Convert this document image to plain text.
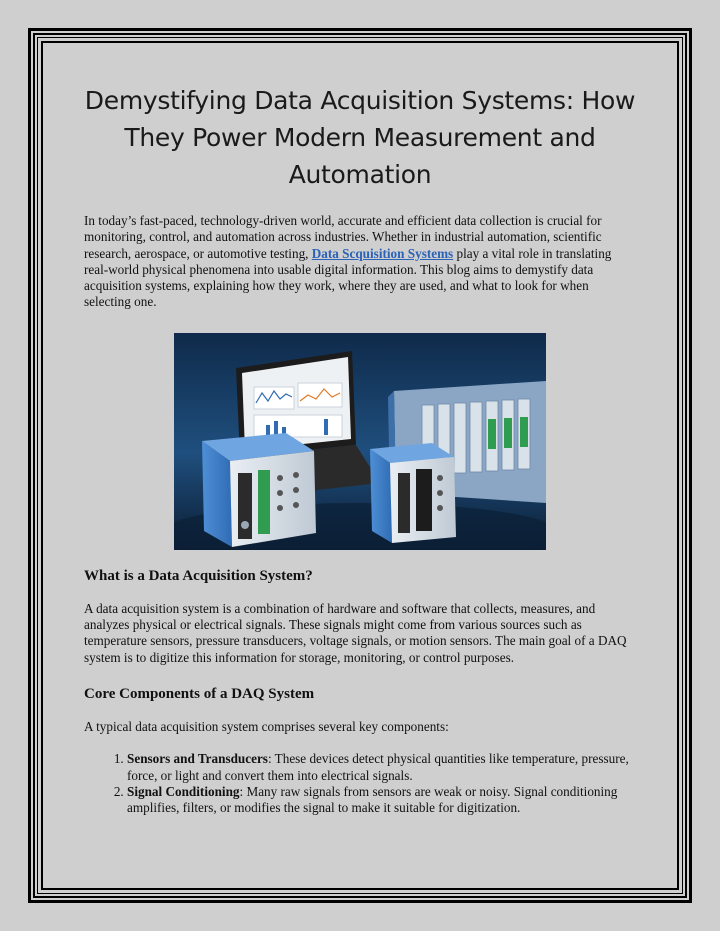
Demystifying Data Acquisition Systems: How They Power Modern Measurement and Automation

In today’s fast-paced, technology-driven world, accurate and efficient data collection is crucial for monitoring, control, and automation across industries. Whether in industrial automation, scientific research, aerospace, or automotive testing, Data Scquisition Systems play a vital role in translating real-world physical phenomena into usable digital information. This blog aims to demystify data acquisition systems, explaining how they work, where they are used, and what to look for when selecting one.

What is a Data Acquisition System?

A data acquisition system is a combination of hardware and software that collects, measures, and analyzes physical or electrical signals. These signals might come from various sources such as temperature sensors, pressure transducers, voltage signals, or motion sensors. The main goal of a DAQ system is to digitize this information for storage, monitoring, or control purposes.

Core Components of a DAQ System

A typical data acquisition system comprises several key components:

1. Sensors and Transducers: These devices detect physical quantities like temperature, pressure, force, or light and convert them into electrical signals.
2. Signal Conditioning: Many raw signals from sensors are weak or noisy. Signal conditioning amplifies, filters, or modifies the signal to make it suitable for digitization.
